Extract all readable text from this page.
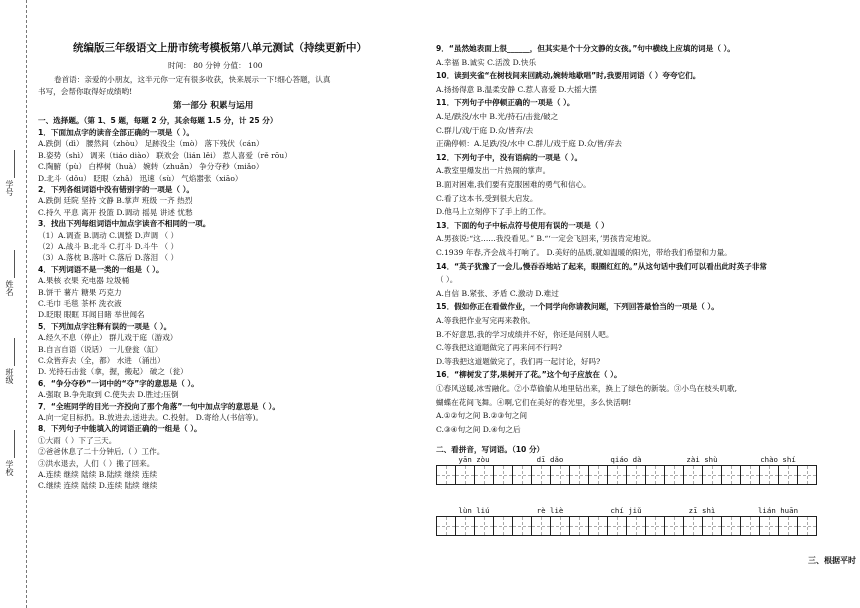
学号
姓名
班级
学校
统编版三年级语文上册市统考模板第八单元测试（持续更新中）
时间： 80 分钟 分值： 100
卷首语：亲爱的小朋友，这半元你一定有很多收获，快来展示一下!细心答题，认真
书写，会帮你取得好成绩哟!
第一部分 积累与运用
一、选择题。（第 1、5 题，每题 2 分，其余每题 1.5 分，计 25 分）
1．下面加点字的读音全部正确的一项是（ ）。
A.跌倒（dì） 腰然间（zhòu） 足跡没尘（mò） 落下残伏（cán）
B.姿势（shì） 调来（tiáo diào） 联欢会（lián lěi） 惹人喜爱（rě rōu）
C.陶腑（pù） 白桦树（huà） 婉转（zhuǎn） 争分夺秒（miǎo）
D.北斗（dǒu） 眨眼（zhǎ） 迅速（sù） 气焰嚣张（xiāo）
2．下列各组词语中没有错别字的一项是（ ）。
A.跌倒 廷院 坚持 文静 B.掌声 班级 一齐 热烈
C.持久 平息 离开 投篮 D.调动 摇晃 讲述 忧愁
3．找出下列每组词语中加点字读音不相同的一项。
（1）A.调查 B.调动 C.调整 D.声调 （ ）
（2）A.战斗 B.北斗 C.打斗 D.斗牛 （ ）
（3）A.落枕 B.落叶 C.落后 D.落泪 （ ）
4．下列词语不是一类的一组是（ ）。
A.果核 衣果 充电器 垃圾桶
B.饼干 薯片 糖果 巧克力
C.毛巾 毛毯 茶杯 洗衣液
D.眨眼 眼眶 耳闻目睹 举世闻名
5．下列加点字注释有误的一项是（ ）。
A.经久不息（停止） 群儿戏于庭（游戏）
B.自言自语（说话） 一儿登瓮（缸）
C.众皆弃去（全，都） 水进 （涌出）
D. 光持石击瓮（拿，握，搬起） 破之（瓮）
6．“争分夺秒”一词中的“夺”字的意思是（ ）。
A.强取 B.争先取到 C.使失去 D.胜过;压倒
7．“全班同学的目光一齐投向了那个角落”一句中加点字的意思是（ ）。
A.向一定目标扔。B.放进去,送进去。C.投射。 D.寄给人(书信等)。
8．下列句子中能填入的词语正确的一组是（ ）。
①大雨（ ）下了三天。
②爸爸休息了二十分钟后,（ ）工作。
③洪水退去，人们（ ）搬了回来。
A.连续 继续 陆续 B.陆续 继续 连续
C.继续 连续 陆续 D.连续 陆续 继续
9．“虽然她表面上很______，但其实是个十分文静的女孩。”句中横线上应填的词是（ ）。
A.幸福 B.诚实 C.活泼 D.快乐
10．读到夹雀“在树枝间来回跳动,婉转地歇唱”时,我要用词语（ ）夸夸它们。
A.扬扬得意 B.温柔安静 C.惹人喜爱 D.大摇大摆
11．下列句子中停顿正确的一项是（ ）。
A.足/跌没/水中 B.光/持石/击瓮/破之
C.群儿/戏/于庭 D.众/皆弃/去
正确停顿：A.足跌/没/水中 C.群儿/戏于庭 D.众/皆/弃去
12．下列句子中，没有语病的一项是（ ）。
A.教室里爆发出一片热闹的掌声。
B.面对困难,我们要有克服困难的勇气和信心。
C.看了这本书,受到很大启发。
D.他马上立刻停下了手上的工作。
13．下面的句子中标点符号使用有误的一项是（ ）
A.男孩说:“这……我没看见。” B.“‘一定会飞回来，’男孩肯定地说。
C.1939 年春,齐会战斗打响了。 D.美好的品质,就如温暖的阳光，带给我们希望和力量。
14．“英子犹豫了一会儿,慢吞吞地站了起来，眼圈红红的。”从这句话中我们可以看出此时英子非常
（ ）。
A.自信 B.紧张、矛盾 C.激动 D.难过
15．假如你正在看做作业，一个同学向你请教问题，下列回答最恰当的一项是（ ）。
A.等我把作业写完再来教你。
B.不好意思,我的学习成绩并不好，你还是问别人吧。
C.等我把这道题做完了再来问不行吗?
D.等我把这道题做完了，我们再一起讨论，好吗?
16．“柳树发了芽,果树开了花。”这个句子应放在（ ）。
①春风送暖,冰雪融化。②小草偷偷从地里钻出来，换上了绿色的新装。③小鸟在枝头叽歌,
蝴蝶在花间飞舞。④啊,它们在美好的春光里，多么快活啊!
A.①②句之间 B.②③句之间
C.③④句之间 D.④句之后
二、看拼音，写词语。（10 分）
yān zòu	dī dǎo	qiáo dà	zài shù	chào shí
lùn liú	rè liè	chí jiǔ	zī shì	lián huān
三、根据平时
